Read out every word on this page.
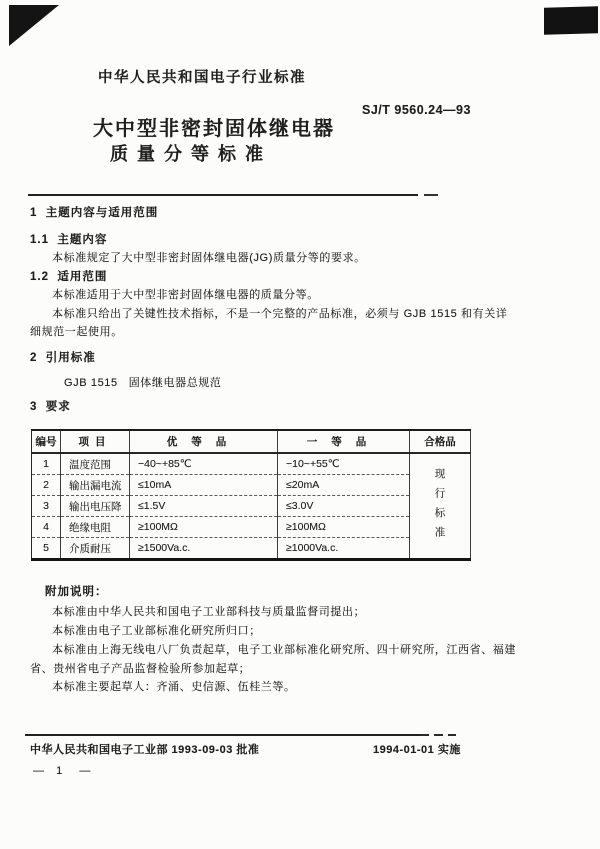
中华人民共和国电子行业标准
SJ/T 9560.24—93
大中型非密封固体继电器
质量分等标准
1  主题内容与适用范围
1.1  主题内容
本标准规定了大中型非密封固体继电器(JG)质量分等的要求。
1.2  适用范围
本标准适用于大中型非密封固体继电器的质量分等。
本标准只给出了关键性技术指标，不是一个完整的产品标准，必须与 GJB 1515 和有关详
细规范一起使用。
2  引用标准
GJB 1515   固体继电器总规范
3  要求
编号	项目	优等品	一等品	合格品
1	温度范围	−40~+85℃	−10~+55℃	现行标准
2	输出漏电流	≤10mA	≤20mA	
3	输出电压降	≤1.5V	≤3.0V	
4	绝缘电阻	≥100MΩ	≥100MΩ	
5	介质耐压	≥1500Va.c.	≥1000Va.c.	
附加说明：
本标准由中华人民共和国电子工业部科技与质量监督司提出；
本标准由电子工业部标准化研究所归口；
本标准由上海无线电八厂负责起草，电子工业部标准化研究所、四十研究所，江西省、福建
省、贵州省电子产品监督检验所参加起草；
本标准主要起草人：齐涌、史信源、伍桂兰等。
中华人民共和国电子工业部 1993-09-03 批准	1994-01-01 实施
—  1   —
